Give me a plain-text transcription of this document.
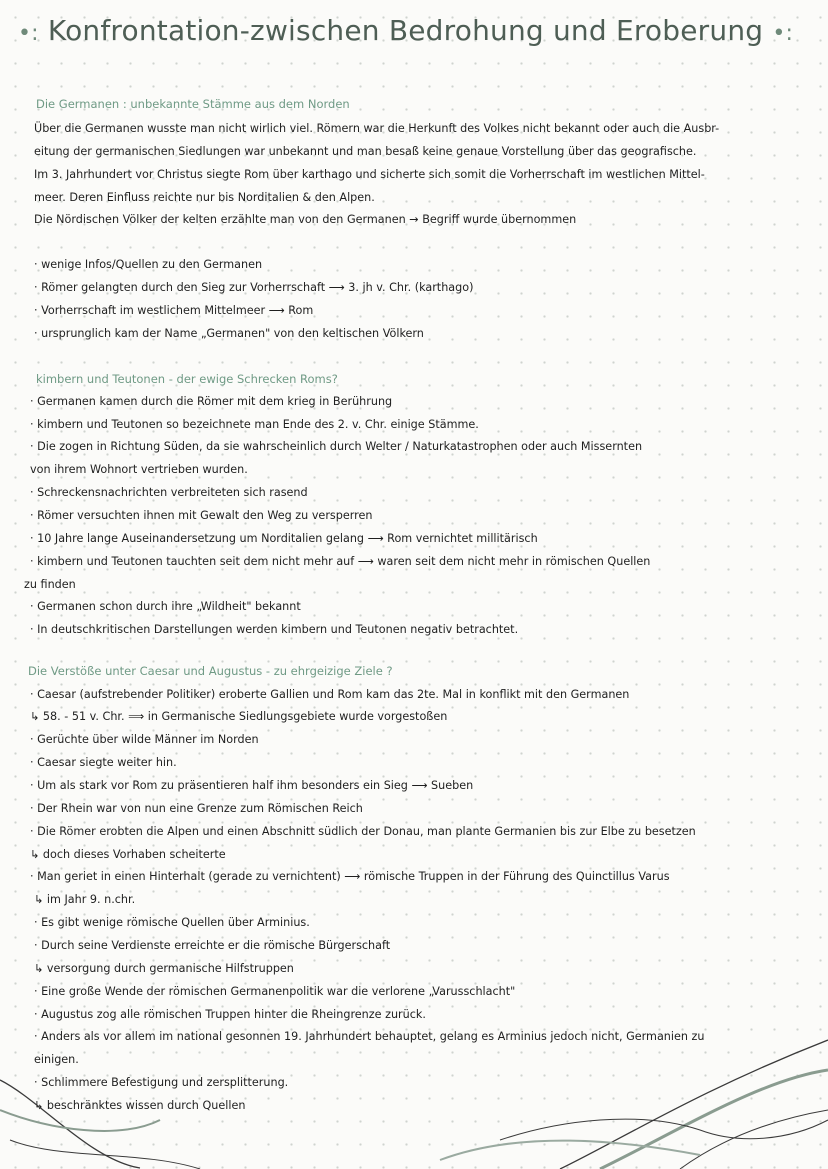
•: Konfrontation-zwischen Bedrohung und Eroberung •:
Die Germanen : unbekannte Stämme aus dem Norden
Über die Germanen wusste man nicht wirlich viel. Römern war die Herkunft des Volkes nicht bekannt oder auch die Ausbr-
eitung der germanischen Siedlungen war unbekannt und man besaß keine genaue Vorstellung über das geografische.
Im 3. Jahrhundert vor Christus siegte Rom über karthago und sicherte sich somit die Vorherrschaft im westlichen Mittel-
meer. Deren Einfluss reichte nur bis Norditalien & den Alpen.
Die Nördischen Völker der kelten erzählte man von den Germanen → Begriff wurde übernommen
· wenige Infos/Quellen zu den Germanen
· Römer gelangten durch den Sieg zur Vorherrschaft ⟶ 3. jh v. Chr. (karthago)
· Vorherrschaft im westlichem Mittelmeer ⟶ Rom
· ursprunglich kam der Name „Germanen" von den keltischen Völkern
kimbern und Teutonen - der ewige Schrecken Roms?
· Germanen kamen durch die Römer mit dem krieg in Berührung
· kimbern und Teutonen so bezeichnete man Ende des 2. v. Chr. einige Stämme.
· Die zogen in Richtung Süden, da sie wahrscheinlich durch Welter / Naturkatastrophen oder auch Missernten
von ihrem Wohnort vertrieben wurden.
· Schreckensnachrichten verbreiteten sich rasend
· Römer versuchten ihnen mit Gewalt den Weg zu versperren
· 10 Jahre lange Auseinandersetzung um Norditalien gelang ⟶ Rom vernichtet millitärisch
· kimbern und Teutonen tauchten seit dem nicht mehr auf ⟶ waren seit dem nicht mehr in römischen Quellen
zu finden
· Germanen schon durch ihre „Wildheit" bekannt
· In deutschkritischen Darstellungen werden kimbern und Teutonen negativ betrachtet.
Die Verstöße unter Caesar und Augustus - zu ehrgeizige Ziele ?
· Caesar (aufstrebender Politiker) eroberte Gallien und Rom kam das 2te. Mal in konflikt mit den Germanen
↳ 58. - 51 v. Chr. ⟹ in Germanische Siedlungsgebiete wurde vorgestoßen
· Gerüchte über wilde Männer im Norden
· Caesar siegte weiter hin.
· Um als stark vor Rom zu präsentieren half ihm besonders ein Sieg ⟶ Sueben
· Der Rhein war von nun eine Grenze zum Römischen Reich
· Die Römer erobten die Alpen und einen Abschnitt südlich der Donau, man plante Germanien bis zur Elbe zu besetzen
↳ doch dieses Vorhaben scheiterte
· Man geriet in einen Hinterhalt (gerade zu vernichtent) ⟶ römische Truppen in der Führung des Quinctillus Varus
↳ im Jahr 9. n.chr.
· Es gibt wenige römische Quellen über Arminius.
· Durch seine Verdienste erreichte er die römische Bürgerschaft
↳ versorgung durch germanische Hilfstruppen
· Eine große Wende der römischen Germanenpolitik war die verlorene „Varusschlacht"
· Augustus zog alle römischen Truppen hinter die Rheingrenze zurück.
· Anders als vor allem im national gesonnen 19. Jahrhundert behauptet, gelang es Arminius jedoch nicht, Germanien zu
einigen.
· Schlimmere Befestigung und zersplitterung.
↳ beschränktes wissen durch Quellen
